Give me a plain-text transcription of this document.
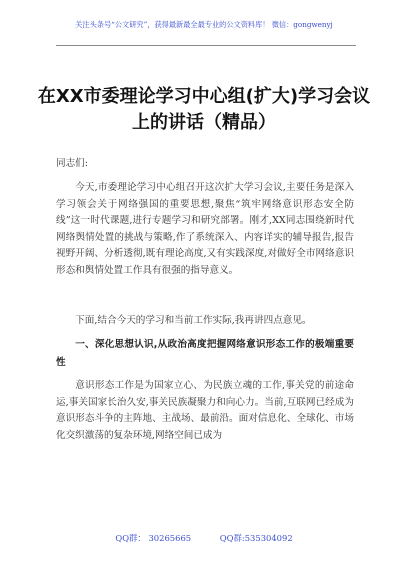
关注头条号“公文研究”，获得最新最全最专业的公文资料库！ 微信：gongwenyj
在XX市委理论学习中心组(扩大)学习会议上的讲话（精品）
同志们:

今天,市委理论学习中心组召开这次扩大学习会议,主要任务是深入学习领会关于网络强国的重要思想,聚焦“筑牢网络意识形态安全防线”这一时代课题,进行专题学习和研究部署。刚才,XX同志围绕新时代网络舆情处置的挑战与策略,作了系统深入、内容详实的辅导报告,报告视野开阔、分析透彻,既有理论高度,又有实践深度,对做好全市网络意识形态和舆情处置工作具有很强的指导意义。

下面,结合今天的学习和当前工作实际,我再讲四点意见。

一、深化思想认识,从政治高度把握网络意识形态工作的极端重要性

意识形态工作是为国家立心、为民族立魂的工作,事关党的前途命运,事关国家长治久安,事关民族凝聚力和向心力。当前,互联网已经成为意识形态斗争的主阵地、主战场、最前沿。面对信息化、全球化、市场化交织激荡的复杂环境,网络空间已成为

QQ群： 30265665	QQ群:535304092
